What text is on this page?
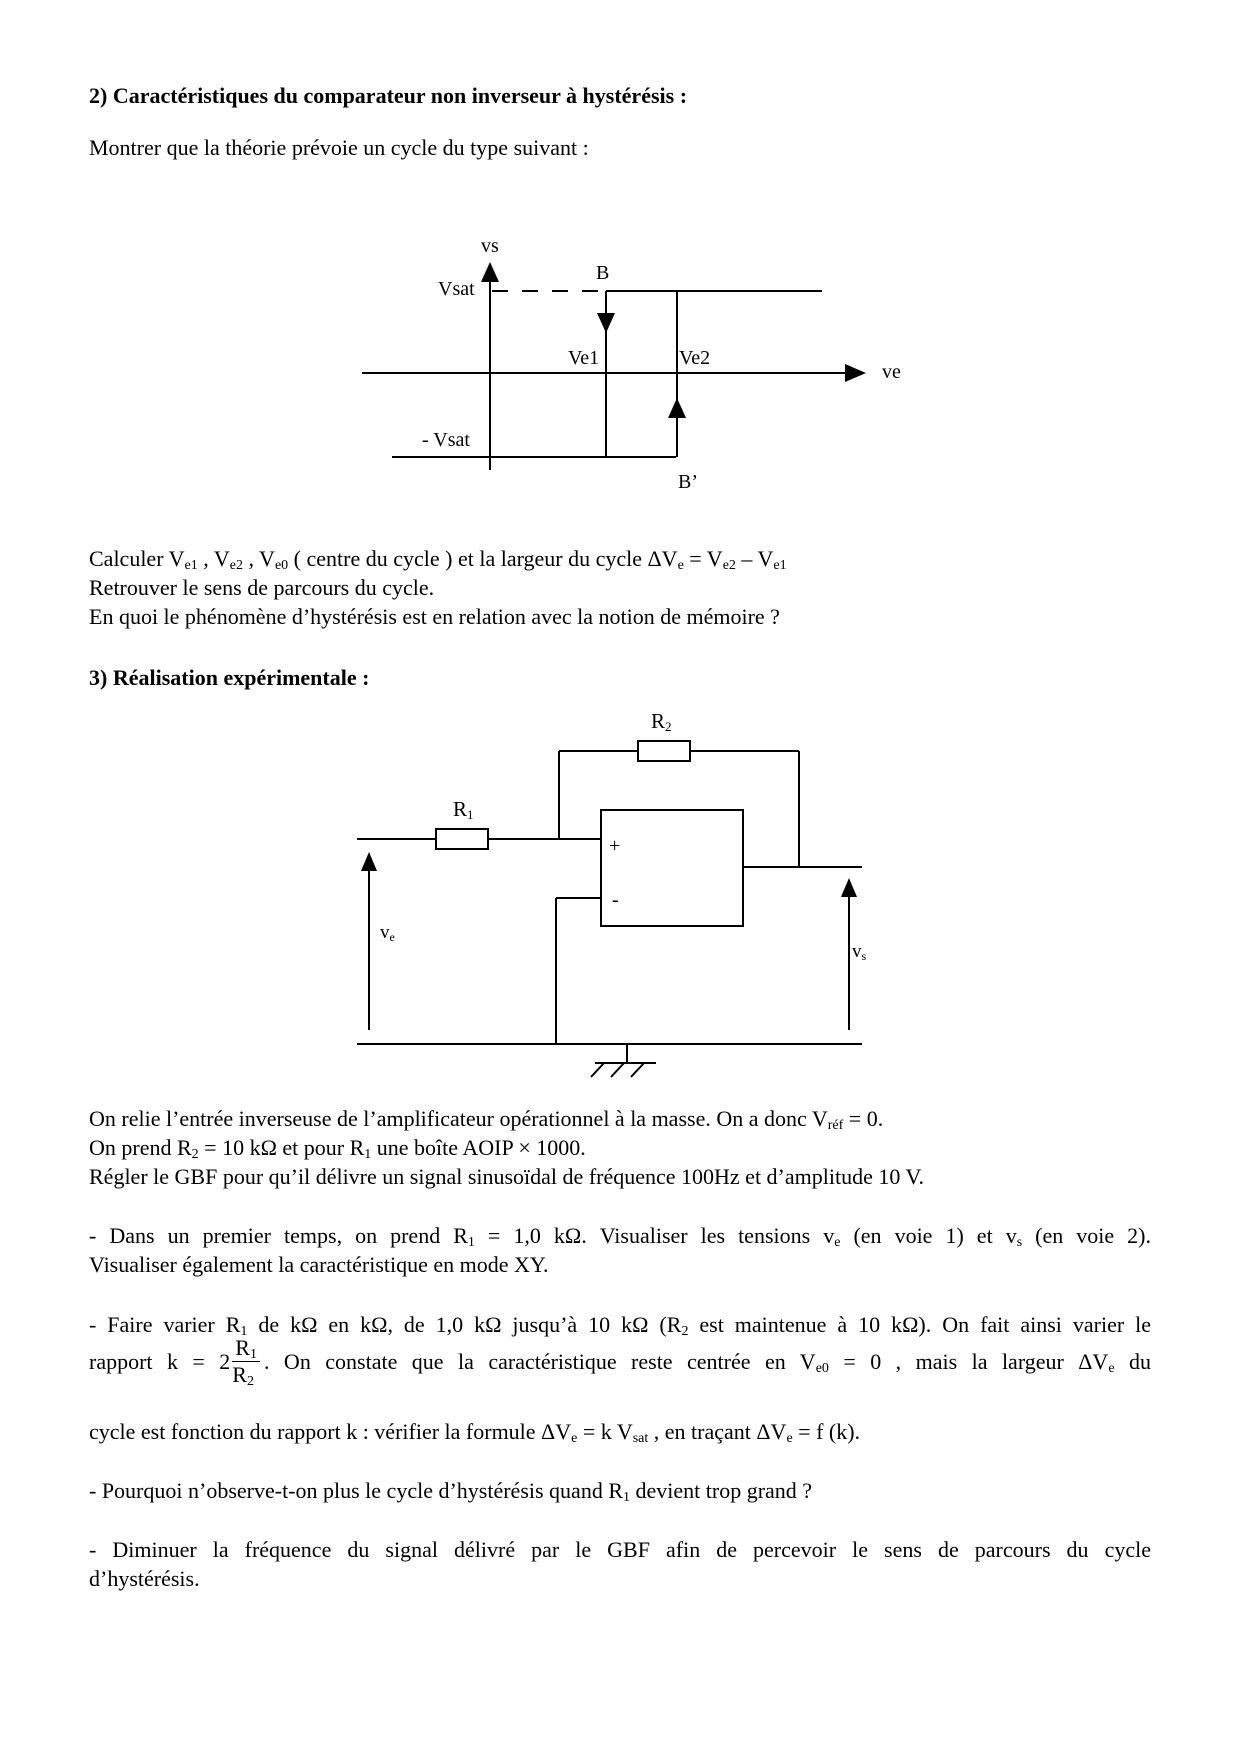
2) Caractéristiques du comparateur non inverseur à hystérésis :
Montrer que la théorie prévoie un cycle du type suivant :
vs
Vsat
B
Ve1	Ve2
ve
- Vsat
B’
Calculer $V_{e1}$ , $V_{e2}$ , $V_{e0}$ ( centre du cycle ) et la largeur du cycle $\Delta V_e = V_{e2} - V_{e1}$
Retrouver le sens de parcours du cycle.
En quoi le phénomène d’hystérésis est en relation avec la notion de mémoire ?
3) Réalisation expérimentale :
R2
R1
+
-
ve
vs
On relie l’entrée inverseuse de l’amplificateur opérationnel à la masse. On a donc $V_{réf} = 0$.
On prend $R_2 = 10$ kΩ et pour $R_1$ une boîte AOIP × 1000.
Régler le GBF pour qu’il délivre un signal sinusoïdal de fréquence 100Hz et d’amplitude 10 V.
- Dans un premier temps, on prend $R_1 = 1,0$ kΩ. Visualiser les tensions $v_e$ (en voie 1) et $v_s$ (en voie 2).
Visualiser également la caractéristique en mode XY.
- Faire varier $R_1$ de kΩ en kΩ, de 1,0 kΩ jusqu’à 10 kΩ ($R_2$ est maintenue à 10 kΩ). On fait ainsi varier le
rapport $k = 2 \frac{R_1}{R_2}$ . On constate que la caractéristique reste centrée en $V_{e0} = 0$ , mais la largeur $\Delta V_e$ du
cycle est fonction du rapport k : vérifier la formule $\Delta V_e = k$ $V_{sat}$ , en traçant $\Delta V_e = f$ (k).
- Pourquoi n’observe-t-on plus le cycle d’hystérésis quand $R_1$ devient trop grand ?
- Diminuer la fréquence du signal délivré par le GBF afin de percevoir le sens de parcours du cycle
d’hystérésis.
